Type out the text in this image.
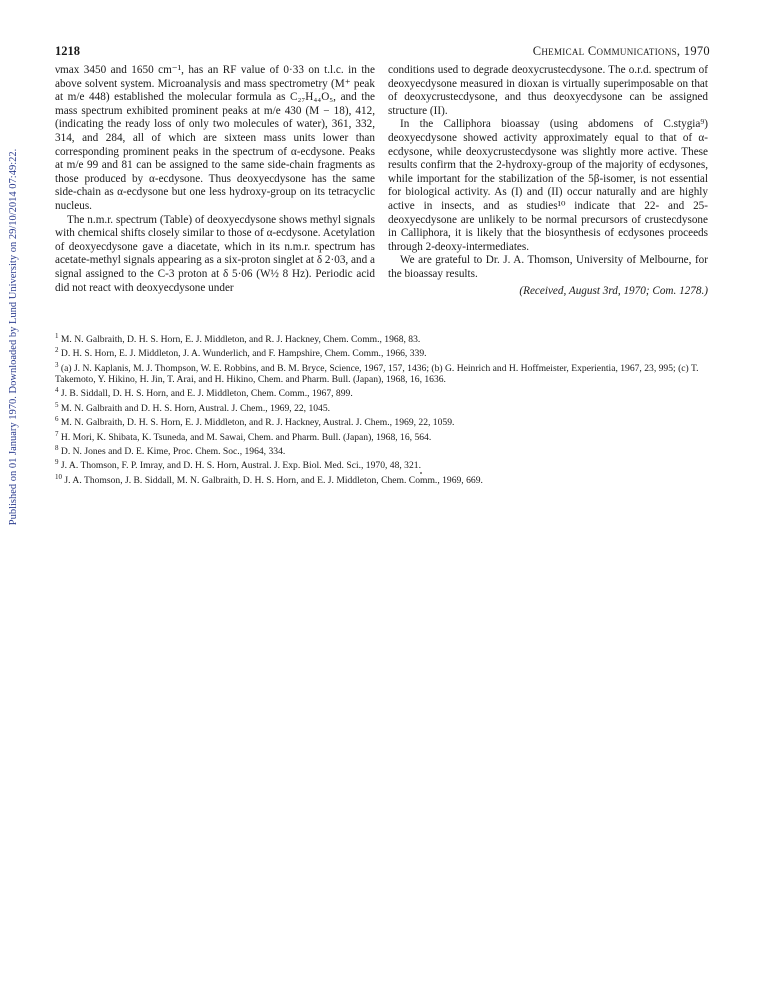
Published on 01 January 1970. Downloaded by Lund University on 29/10/2014 07:49:22.
1218	Chemical Communications, 1970

νmax 3450 and 1650 cm⁻¹, has an RF value of 0·33 on t.l.c. in the above solvent system. Microanalysis and mass spectrometry (M⁺ peak at m/e 448) established the molecular formula as C₂₇H₄₄O₅, and the mass spectrum exhibited prominent peaks at m/e 430 (M − 18), 412, (indicating the ready loss of only two molecules of water), 361, 332, 314, and 284, all of which are sixteen mass units lower than corresponding prominent peaks in the spectrum of α-ecdysone. Peaks at m/e 99 and 81 can be assigned to the same side-chain fragments as those produced by α-ecdysone. Thus deoxyecdysone has the same side-chain as α-ecdysone but one less hydroxy-group on its tetracyclic nucleus.

The n.m.r. spectrum (Table) of deoxyecdysone shows methyl signals with chemical shifts closely similar to those of α-ecdysone. Acetylation of deoxyecdysone gave a diacetate, which in its n.m.r. spectrum has acetate-methyl signals appearing as a six-proton singlet at δ 2·03, and a signal assigned to the C-3 proton at δ 5·06 (W½ 8 Hz). Periodic acid did not react with deoxyecdysone under

conditions used to degrade deoxycrustecdysone. The o.r.d. spectrum of deoxyecdysone measured in dioxan is virtually superimposable on that of deoxycrustecdysone, and thus deoxyecdysone can be assigned structure (II).

In the Calliphora bioassay (using abdomens of C.stygia⁹) deoxyecdysone showed activity approximately equal to that of α-ecdysone, while deoxycrustecdysone was slightly more active. These results confirm that the 2-hydroxy-group of the majority of ecdysones, while important for the stabilization of the 5β-isomer, is not essential for biological activity. As (I) and (II) occur naturally and are highly active in insects, and as studies¹⁰ indicate that 22- and 25-deoxyecdysone are unlikely to be normal precursors of crustecdysone in Calliphora, it is likely that the biosynthesis of ecdysones proceeds through 2-deoxy-intermediates.

We are grateful to Dr. J. A. Thomson, University of Melbourne, for the bioassay results.

(Received, August 3rd, 1970; Com. 1278.)

$^1$ M. N. Galbraith, D. H. S. Horn, E. J. Middleton, and R. J. Hackney, Chem. Comm., 1968, 83.

$^2$ D. H. S. Horn, E. J. Middleton, J. A. Wunderlich, and F. Hampshire, Chem. Comm., 1966, 339.

$^3$ (a) J. N. Kaplanis, M. J. Thompson, W. E. Robbins, and B. M. Bryce, Science, 1967, 157, 1436; (b) G. Heinrich and H. Hoffmeister, Experientia, 1967, 23, 995; (c) T. Takemoto, Y. Hikino, H. Jin, T. Arai, and H. Hikino, Chem. and Pharm. Bull. (Japan), 1968, 16, 1636.

$^4$ J. B. Siddall, D. H. S. Horn, and E. J. Middleton, Chem. Comm., 1967, 899.

$^5$ M. N. Galbraith and D. H. S. Horn, Austral. J. Chem., 1969, 22, 1045.

$^6$ M. N. Galbraith, D. H. S. Horn, E. J. Middleton, and R. J. Hackney, Austral. J. Chem., 1969, 22, 1059.

$^7$ H. Mori, K. Shibata, K. Tsuneda, and M. Sawai, Chem. and Pharm. Bull. (Japan), 1968, 16, 564.

$^8$ D. N. Jones and D. E. Kime, Proc. Chem. Soc., 1964, 334.

$^9$ J. A. Thomson, F. P. Imray, and D. H. S. Horn, Austral. J. Exp. Biol. Med. Sci., 1970, 48, 321.

$^{10}$ J. A. Thomson, J. B. Siddall, M. N. Galbraith, D. H. S. Horn, and E. J. Middleton, Chem. Comm., 1969, 669.
